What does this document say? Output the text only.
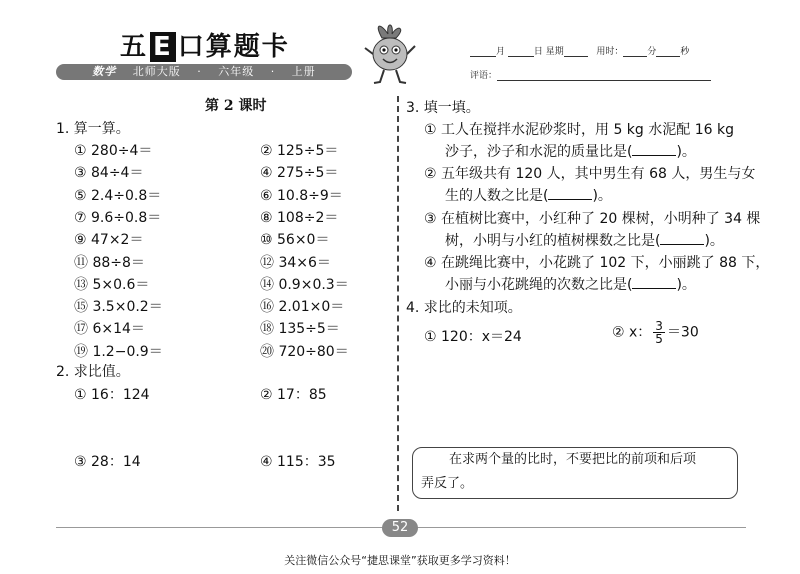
五 E 口算题卡
数学 北师大版 · 六年级 · 上册
月	日 星期	用时：	分	秒
评语：
第 2 课时
1. 算一算。
① 280÷4＝	② 125÷5＝
③ 84÷4＝	④ 275÷5＝
⑤ 2.4÷0.8＝	⑥ 10.8÷9＝
⑦ 9.6÷0.8＝	⑧ 108÷2＝
⑨ 47×2＝	⑩ 56×0＝
⑪ 88÷8＝	⑫ 34×6＝
⑬ 5×0.6＝	⑭ 0.9×0.3＝
⑮ 3.5×0.2＝	⑯ 2.01×0＝
⑰ 6×14＝	⑱ 135÷5＝
⑲ 1.2−0.9＝	⑳ 720÷80＝
2. 求比值。
① 16：124	② 17：85
③ 28：14	④ 115：35
3. 填一填。
① 工人在搅拌水泥砂浆时，用 5 kg 水泥配 16 kg
沙子，沙子和水泥的质量比是(	)。
② 五年级共有 120 人，其中男生有 68 人，男生与女
生的人数之比是(	)。
③ 在植树比赛中，小红种了 20 棵树，小明种了 34 棵
树，小明与小红的植树棵数之比是(	)。
④ 在跳绳比赛中，小花跳了 102 下，小丽跳了 88 下，
小丽与小花跳绳的次数之比是(	)。
4. 求比的未知项。
① 120：x＝24	② x： $\frac{3}{5} =30$
在求两个量的比时，不要把比的前项和后项
弄反了。
52
关注微信公众号“捷思课堂”获取更多学习资料！
